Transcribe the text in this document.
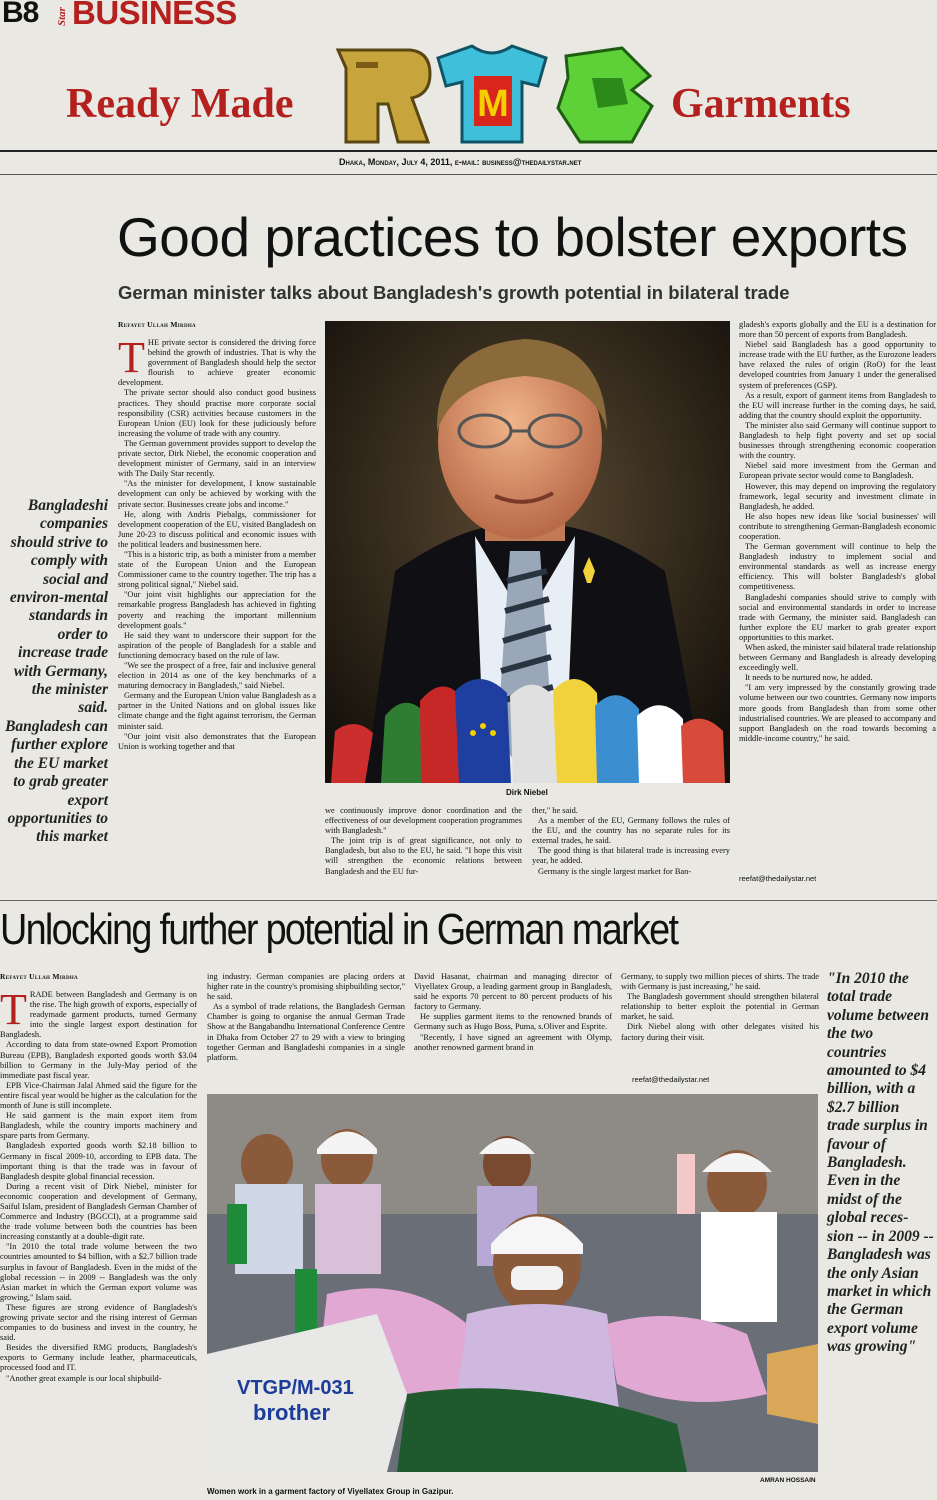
B8 Star BUSINESS
Ready Made	M	Garments
Dhaka, Monday, July 4, 2011, e-mail: business@thedailystar.net
Good practices to bolster exports
German minister talks about Bangladesh's growth potential in bilateral trade
Refayet Ullah Mirdha
Bangladeshi companies should strive to comply with social and environ-mental standards in order to increase trade with Germany, the minister said. Bangladesh can further explore the EU market to grab greater export opportunities to this market
T HE private sector is considered the driving force behind the growth of industries. That is why the government of Bangladesh should help the sector flourish to achieve greater economic development.

The private sector should also conduct good business practices. They should practise more corporate social responsibility (CSR) activities because customers in the European Union (EU) look for these judiciously before increasing the volume of trade with any country.

The German government provides support to develop the private sector, Dirk Niebel, the economic cooperation and development minister of Germany, said in an interview with The Daily Star recently.

"As the minister for development, I know sustainable development can only be achieved by working with the private sector. Businesses create jobs and income."

He, along with Andris Piebalgs, commissioner for development cooperation of the EU, visited Bangladesh on June 20-23 to discuss political and economic issues with the political leaders and businessmen here.

"This is a historic trip, as both a minister from a member state of the European Union and the European Commissioner came to the country together. The trip has a strong political signal," Niebel said.

"Our joint visit highlights our appreciation for the remarkable progress Bangladesh has achieved in fighting poverty and reaching the important millennium development goals."

He said they want to underscore their support for the aspiration of the people of Bangladesh for a stable and functioning democracy based on the rule of law.

"We see the prospect of a free, fair and inclusive general election in 2014 as one of the key benchmarks of a maturing democracy in Bangladesh," said Niebel.

Germany and the European Union value Bangladesh as a partner in the United Nations and on global issues like climate change and the fight against terrorism, the German minister said.

"Our joint visit also demonstrates that the European Union is working together and that

Dirk Niebel

we continuously improve donor coordination and the effectiveness of our development cooperation programmes with Bangladesh."

The joint trip is of great significance, not only to Bangladesh, but also to the EU, he said. "I hope this visit will strengthen the economic relations between Bangladesh and the EU fur-

ther," he said.

As a member of the EU, Germany follows the rules of the EU, and the country has no separate rules for its external trades, he said.

The good thing is that bilateral trade is increasing every year, he added.

Germany is the single largest market for Ban-

gladesh's exports globally and the EU is a destination for more than 50 percent of exports from Bangladesh.

Niebel said Bangladesh has a good opportunity to increase trade with the EU further, as the Eurozone leaders have relaxed the rules of origin (RoO) for the least developed countries from January 1 under the generalised system of preferences (GSP).

As a result, export of garment items from Bangladesh to the EU will increase further in the coming days, he said, adding that the country should exploit the opportunity.

The minister also said Germany will continue support to Bangladesh to help fight poverty and set up social businesses through strengthening economic cooperation with the country.

Niebel said more investment from the German and European private sector would come to Bangladesh.

However, this may depend on improving the regulatory framework, legal security and investment climate in Bangladesh, he added.

He also hopes new ideas like 'social businesses' will contribute to strengthening German-Bangladesh economic cooperation.

The German government will continue to help the Bangladesh industry to implement social and environmental standards as well as increase energy efficiency. This will bolster Bangladesh's global competitiveness.

Bangladeshi companies should strive to comply with social and environmental standards in order to increase trade with Germany, the minister said. Bangladesh can further explore the EU market to grab greater export opportunities to this market.

When asked, the minister said bilateral trade relationship between Germany and Bangladesh is already developing exceedingly well.

It needs to be nurtured now, he added.

"I am very impressed by the constantly growing trade volume between our two countries. Germany now imports more goods from Bangladesh than from some other industrialised countries. We are pleased to accompany and support Bangladesh on the road towards becoming a middle-income country," he said.

reefat@thedailystar.net
Unlocking further potential in German market
Refayet Ullah Mirdha
T RADE between Bangladesh and Germany is on the rise. The high growth of exports, especially of readymade garment products, turned Germany into the single largest export destination for Bangladesh.

According to data from state-owned Export Promotion Bureau (EPB), Bangladesh exported goods worth $3.04 billion to Germany in the July-May period of the immediate past fiscal year.

EPB Vice-Chairman Jalal Ahmed said the figure for the entire fiscal year would be higher as the calculation for the month of June is still incomplete.

He said garment is the main export item from Bangladesh, while the country imports machinery and spare parts from Germany.

Bangladesh exported goods worth $2.18 billion to Germany in fiscal 2009-10, according to EPB data. The important thing is that the trade was in favour of Bangladesh despite global financial recession.

During a recent visit of Dirk Niebel, minister for economic cooperation and development of Germany, Saiful Islam, president of Bangladesh German Chamber of Commerce and Industry (BGCCI), at a programme said the trade volume between both the countries has been increasing constantly at a double-digit rate.

"In 2010 the total trade volume between the two countries amounted to $4 billion, with a $2.7 billion trade surplus in favour of Bangladesh. Even in the midst of the global recession -- in 2009 -- Bangladesh was the only Asian market in which the German export volume was growing," Islam said.

These figures are strong evidence of Bangladesh's growing private sector and the rising interest of German companies to do business and invest in the country, he said.

Besides the diversified RMG products, Bangladesh's exports to Germany include leather, pharmaceuticals, processed food and IT.

"Another great example is our local shipbuild-

ing industry. German companies are placing orders at higher rate in the country's promising shipbuilding sector," he said.

As a symbol of trade relations, the Bangladesh German Chamber is going to organise the annual German Trade Show at the Bangabandhu International Conference Centre in Dhaka from October 27 to 29 with a view to bringing together German and Bangladeshi companies in a single platform.

David Hasanat, chairman and managing director of Viyellatex Group, a leading garment group in Bangladesh, said he exports 70 percent to 80 percent products of his factory to Germany.

He supplies garment items to the renowned brands of Germany such as Hugo Boss, Puma, s.Oliver and Esprite.

"Recently, I have signed an agreement with Olymp, another renowned garment brand in

Germany, to supply two million pieces of shirts. The trade with Germany is just increasing," he said.

The Bangladesh government should strengthen bilateral relationship to better exploit the potential in German market, he said.

Dirk Niebel along with other delegates visited his factory during their visit.

reefat@thedailystar.net
"In 2010 the total trade volume between the two countries amounted to $4 billion, with a $2.7 billion trade surplus in favour of Bangladesh. Even in the midst of the global reces-sion -- in 2009 -- Bangladesh was the only Asian market in which the German export volume was growing"
VTGP/M-031
brother
AMRAN HOSSAIN
Women work in a garment factory of Viyellatex Group in Gazipur.
